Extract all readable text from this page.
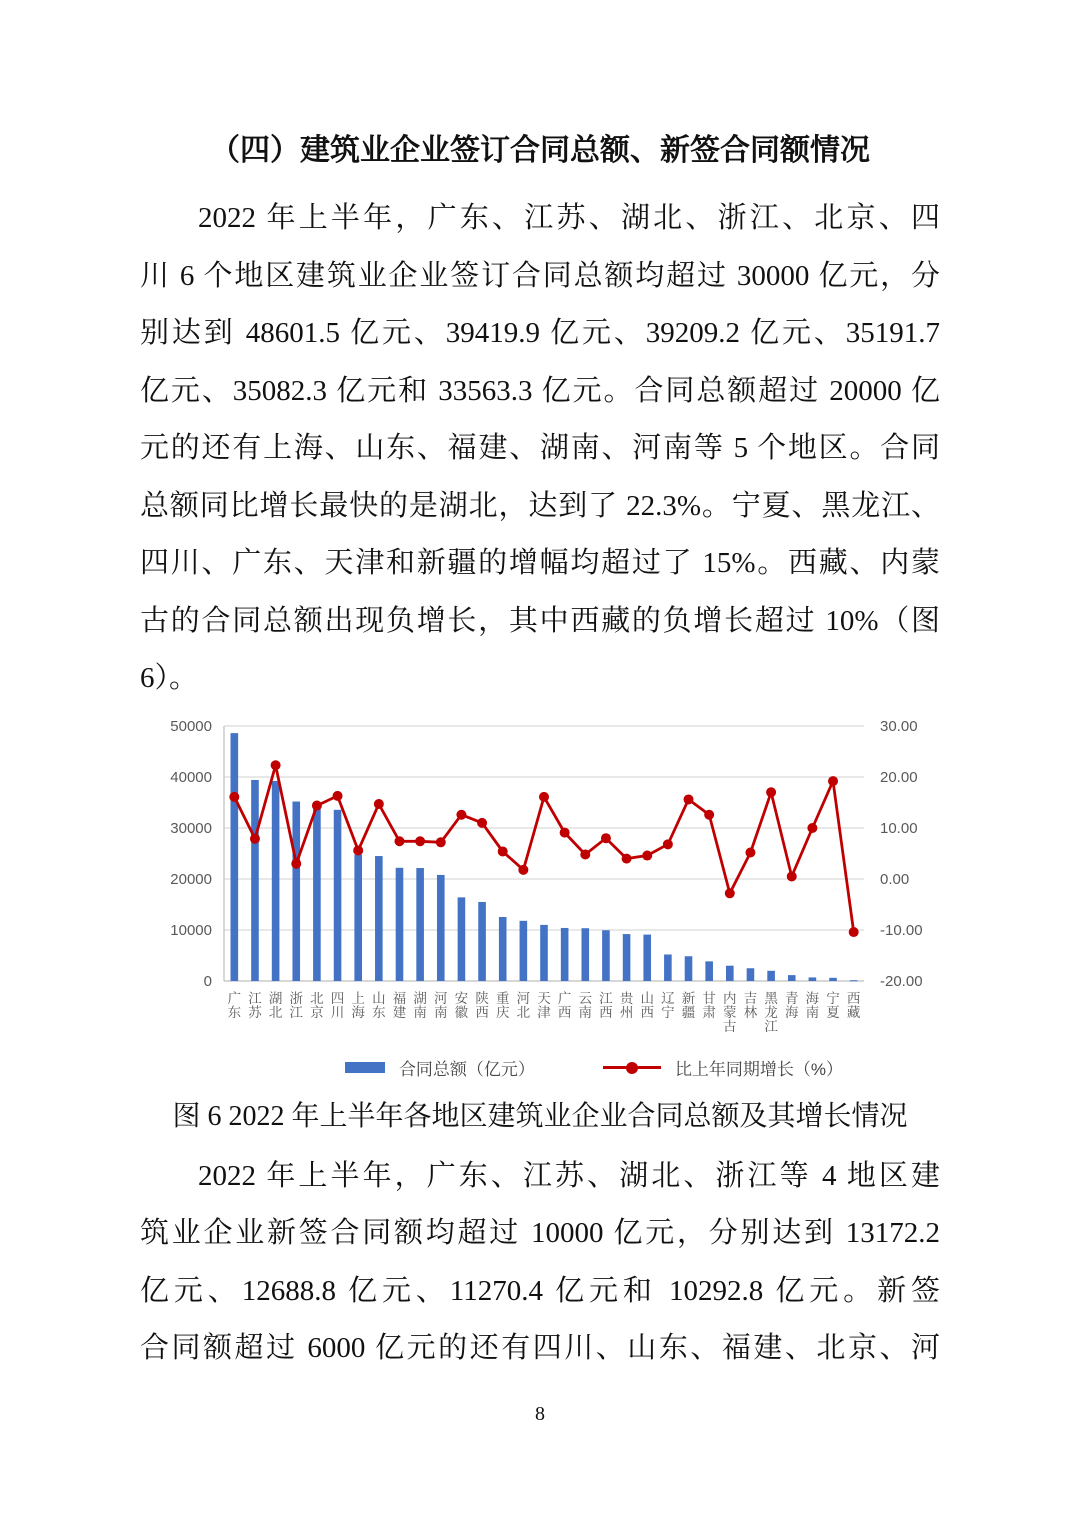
（四）建筑业企业签订合同总额、新签合同额情况
2022 年上半年，广东、江苏、湖北、浙江、北京、四
川 6 个地区建筑业企业签订合同总额均超过 30000 亿元，分
别达到 48601.5 亿元、39419.9 亿元、39209.2 亿元、35191.7
亿元、35082.3 亿元和 33563.3 亿元。合同总额超过 20000 亿
元的还有上海、山东、福建、湖南、河南等 5 个地区。合同
总额同比增长最快的是湖北，达到了 22.3%。宁夏、黑龙江、
四川、广东、天津和新疆的增幅均超过了 15%。西藏、内蒙
古的合同总额出现负增长，其中西藏的负增长超过 10%（图
6）。
0
10000
20000
30000
40000
50000
-20.00
-10.00
0.00
10.00
20.00
30.00
广东
江苏
湖北
浙江
北京
四川
上海
山东
福建
湖南
河南
安徽
陕西
重庆
河北
天津
广西
云南
江西
贵州
山西
辽宁
新疆
甘肃
内蒙古
吉林
黑龙江
青海
海南
宁夏
西藏
合同总额（亿元）	比上年同期增长（%）
图 6 2022 年上半年各地区建筑业企业合同总额及其增长情况
2022 年上半年，广东、江苏、湖北、浙江等 4 地区建
筑业企业新签合同额均超过 10000 亿元，分别达到 13172.2
亿元、12688.8 亿元、11270.4 亿元和 10292.8 亿元。新签
合同额超过 6000 亿元的还有四川、山东、福建、北京、河
8
